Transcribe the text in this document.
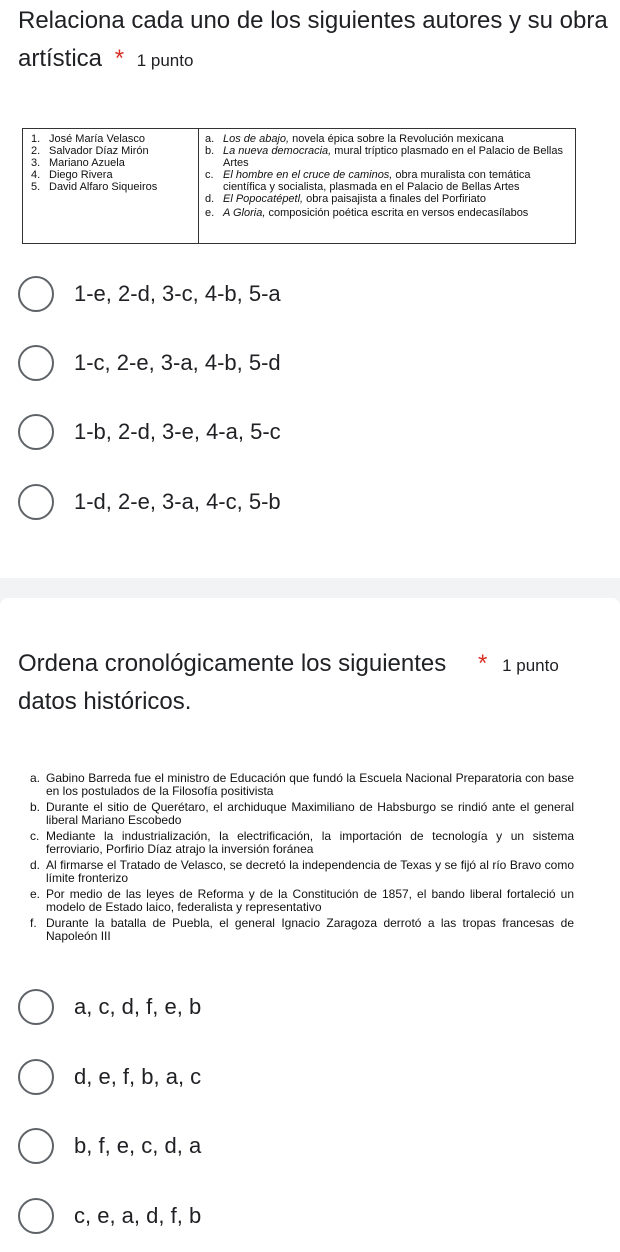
Relaciona cada uno de los siguientes autores y su obra artística * 1 punto
1. José María Velasco
2. Salvador Díaz Mirón
3. Mariano Azuela
4. Diego Rivera
5. David Alfaro Siqueiros
a. Los de abajo, novela épica sobre la Revolución mexicana
b. La nueva democracia, mural tríptico plasmado en el Palacio de Bellas Artes
c. El hombre en el cruce de caminos, obra muralista con temática científica y socialista, plasmada en el Palacio de Bellas Artes
d. El Popocatépetl, obra paisajista a finales del Porfiriato
e. A Gloria, composición poética escrita en versos endecasílabos
1-e, 2-d, 3-c, 4-b, 5-a
1-c, 2-e, 3-a, 4-b, 5-d
1-b, 2-d, 3-e, 4-a, 5-c
1-d, 2-e, 3-a, 4-c, 5-b
Ordena cronológicamente los siguientes datos históricos.
* 1 punto
a. Gabino Barreda fue el ministro de Educación que fundó la Escuela Nacional Preparatoria con base en los postulados de la Filosofía positivista
b. Durante el sitio de Querétaro, el archiduque Maximiliano de Habsburgo se rindió ante el general liberal Mariano Escobedo
c. Mediante la industrialización, la electrificación, la importación de tecnología y un sistema ferroviario, Porfirio Díaz atrajo la inversión foránea
d. Al firmarse el Tratado de Velasco, se decretó la independencia de Texas y se fijó al río Bravo como límite fronterizo
e. Por medio de las leyes de Reforma y de la Constitución de 1857, el bando liberal fortaleció un modelo de Estado laico, federalista y representativo
f. Durante la batalla de Puebla, el general Ignacio Zaragoza derrotó a las tropas francesas de Napoleón III
a, c, d, f, e, b
d, e, f, b, a, c
b, f, e, c, d, a
c, e, a, d, f, b
